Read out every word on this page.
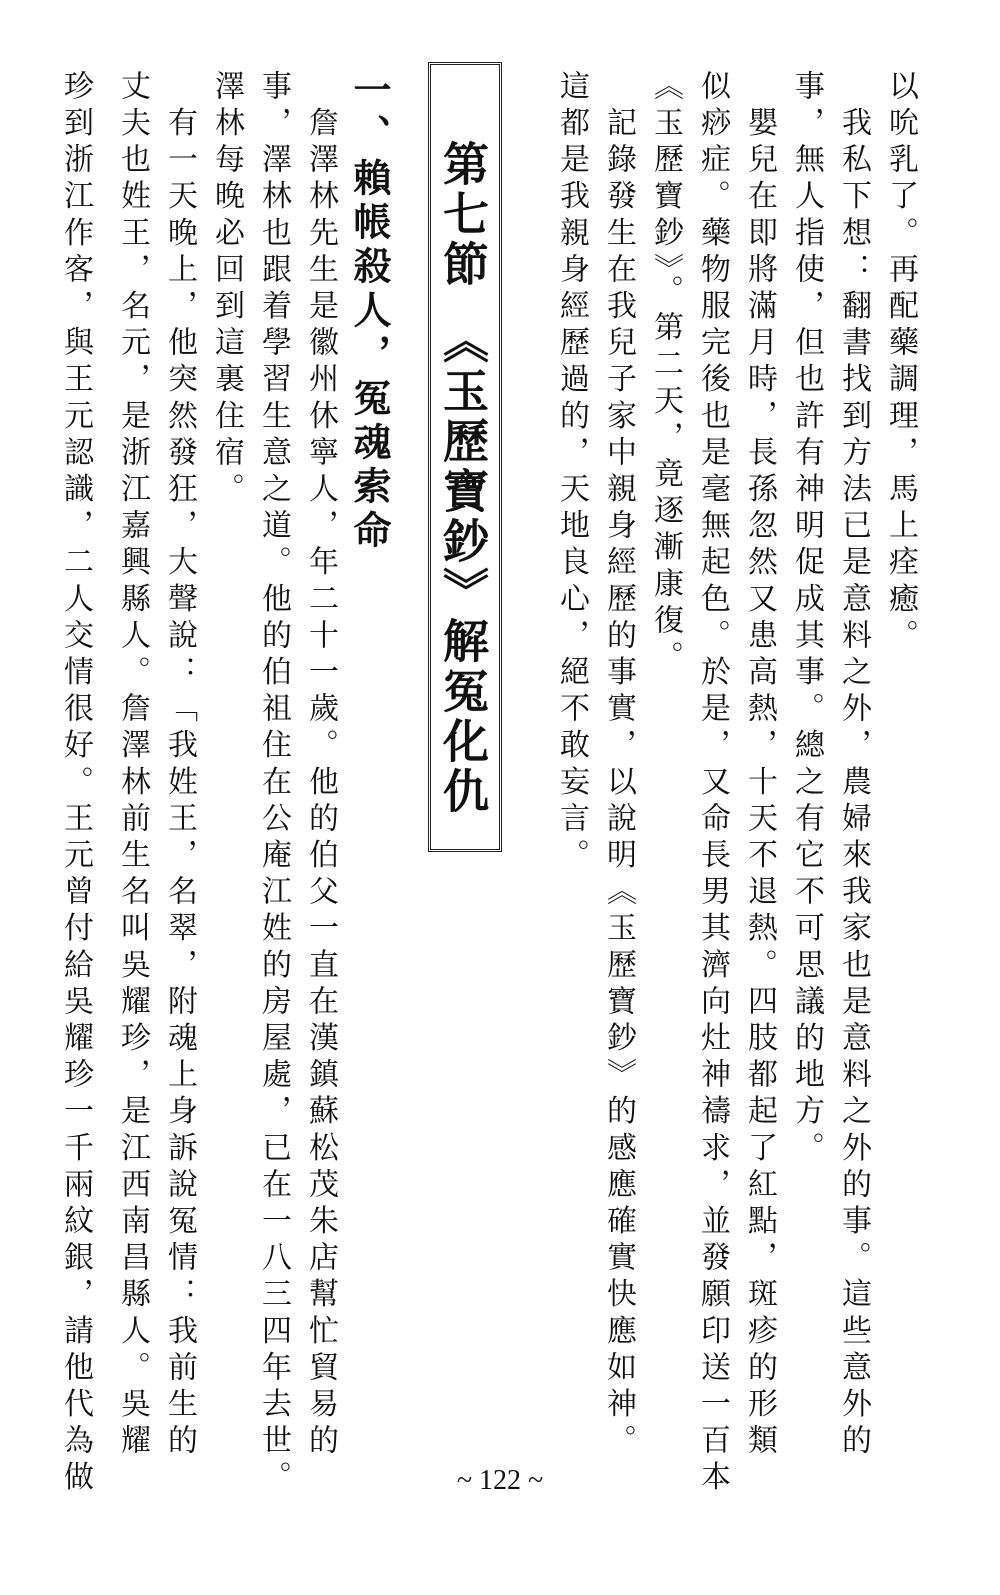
以吮乳了。再配藥調理，馬上痊癒。
　我私下想：翻書找到方法已是意料之外，農婦來我家也是意料之外的事。這些意外的
事，無人指使，但也許有神明促成其事。總之有它不可思議的地方。
　嬰兒在即將滿月時，長孫忽然又患高熱，十天不退熱。四肢都起了紅點，斑疹的形類
似痧症。藥物服完後也是毫無起色。於是，又命長男其濟向灶神禱求，並發願印送一百本
《玉歷寶鈔》。第二天，竟逐漸康復。
　記錄發生在我兒子家中親身經歷的事實，以說明《玉歷寶鈔》的感應確實快應如神。
這都是我親身經歷過的，天地良心，絕不敢妄言。
第七節　《玉歷寶鈔》解冤化仇
一、賴帳殺人，冤魂索命
　詹澤林先生是徽州休寧人，年二十一歲。他的伯父一直在漢鎮蘇松茂朱店幫忙貿易的
事，澤林也跟着學習生意之道。他的伯祖住在公庵江姓的房屋處，已在一八三四年去世。
澤林每晚必回到這裏住宿。
　有一天晚上，他突然發狂，大聲說：「我姓王，名翠，附魂上身訴說冤情：我前生的
丈夫也姓王，名元，是浙江嘉興縣人。詹澤林前生名叫吳耀珍，是江西南昌縣人。吳耀
珍到浙江作客，與王元認識，二人交情很好。王元曾付給吳耀珍一千兩紋銀，請他代為做	~ 122 ~
